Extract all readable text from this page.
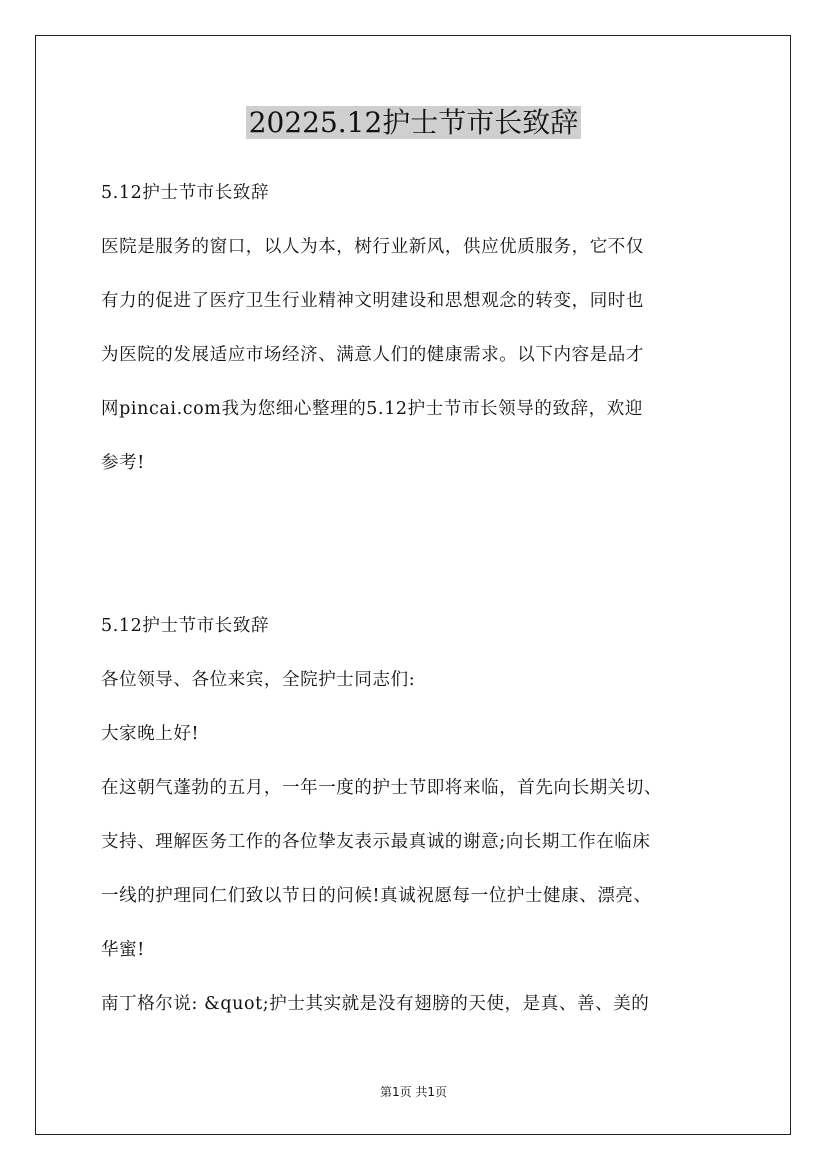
20225.12护士节市长致辞
5.12护士节市长致辞
医院是服务的窗口，以人为本，树行业新风，供应优质服务，它不仅
有力的促进了医疗卫生行业精神文明建设和思想观念的转变，同时也
为医院的发展适应市场经济、满意人们的健康需求。以下内容是品才
网pincai.com我为您细心整理的5.12护士节市长领导的致辞，欢迎
参考!
5.12护士节市长致辞
各位领导、各位来宾，全院护士同志们:
大家晚上好!
在这朝气蓬勃的五月，一年一度的护士节即将来临，首先向长期关切、
支持、理解医务工作的各位挚友表示最真诚的谢意;向长期工作在临床
一线的护理同仁们致以节日的问候!真诚祝愿每一位护士健康、漂亮、
华蜜!
南丁格尔说: &quot;护士其实就是没有翅膀的天使，是真、善、美的
第1页 共1页
